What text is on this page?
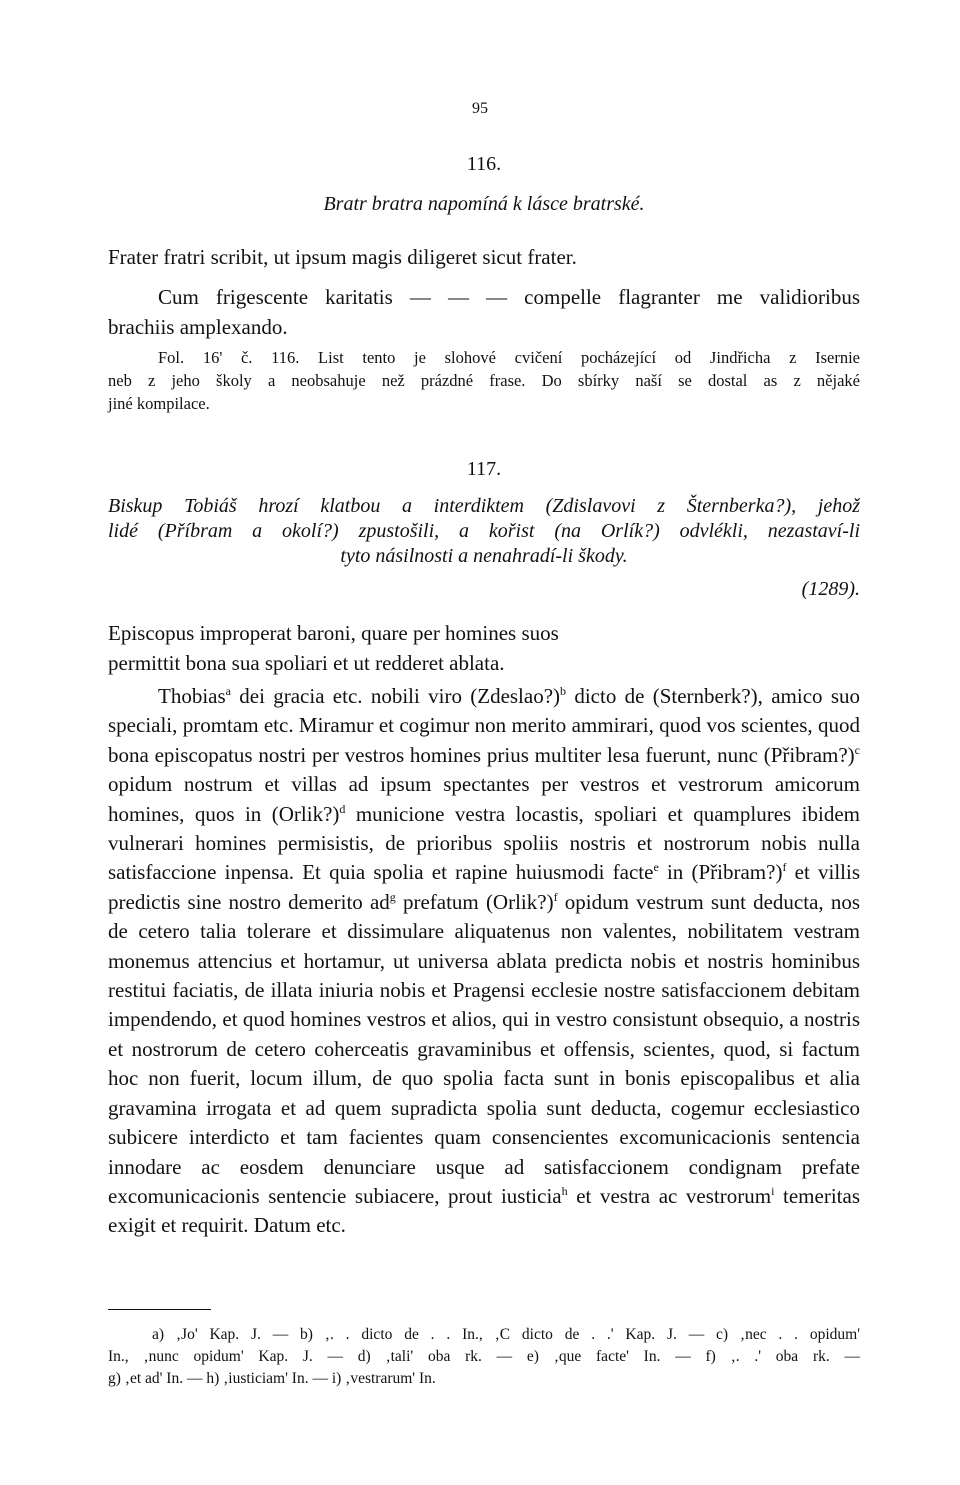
95
116.
Bratr bratra napomíná k lásce bratrské.
Frater fratri scribit, ut ipsum magis diligeret sicut frater.
Cum frigescente karitatis — — — compelle flagranter me validioribus
brachiis amplexando.
Fol. 16' č. 116. List tento je slohové cvičení pocházející od Jindřicha z Isernie
neb z jeho školy a neobsahuje než prázdné frase. Do sbírky naší se dostal as z nějaké
jiné kompilace.
117.
Biskup Tobiáš hrozí klatbou a interdiktem (Zdislavovi z Šternberka?), jehož
lidé (Příbram a okolí?) zpustošili, a kořist (na Orlík?) odvlékli, nezastaví-li
tyto násilnosti a nenahradí-li škody.
(1289).
Episcopus improperat baroni, quare per homines suos
permittit bona sua spoliari et ut redderet ablata.
Thobias$^a$ dei gracia etc. nobili viro (Zdeslao?)$^b$ dicto de (Sternberk?), amico suo speciali, promtam etc. Miramur et cogimur non merito ammirari, quod vos scientes, quod bona episcopatus nostri per vestros homines prius multiter lesa fuerunt, nunc (Přibram?)$^c$ opidum nostrum et villas ad ipsum spectantes per vestros et vestrorum amicorum homines, quos in (Orlik?)$^d$ municione vestra locastis, spoliari et quamplures ibidem vulnerari homines permisistis, de prioribus spoliis nostris et nostrorum nobis nulla satisfaccione inpensa. Et quia spolia et rapine huiusmodi facte$^e$ in (Přibram?)$^f$ et villis predictis sine nostro demerito $ad^g$ prefatum (Orlik?)$^f$ opidum vestrum sunt deducta, nos de cetero talia tolerare et dissimulare aliquatenus non valentes, nobilitatem vestram monemus attencius et hortamur, ut universa ablata predicta nobis et nostris hominibus restitui faciatis, de illata iniuria nobis et Pragensi ecclesie nostre satisfaccionem debitam impendendo, et quod homines vestros et alios, qui in vestro consistunt obsequio, a nostris et nostrorum de cetero coherceatis gravaminibus et offensis, scientes, quod, si factum hoc non fuerit, locum illum, de quo spolia facta sunt in bonis episcopalibus et alia gravamina irrogata et ad quem supradicta spolia sunt deducta, cogemur ecclesiastico subicere interdicto et tam facientes quam consencientes excomunicacionis sentencia innodare ac eosdem denunciare usque ad satisfaccionem condignam prefate excomunicacionis sentencie subiacere, prout iusticia$^h$ et vestra ac vestrorum$^i$ temeritas exigit et requirit. Datum etc.
a) ‚Jo' Kap. J. — b) ‚. . dicto de . . In., ‚C dicto de . .' Kap. J. — c) ‚nec . . opidum'
In., ‚nunc opidum' Kap. J. — d) ‚tali' oba rk. — e) ‚que facte' In. — f) ‚. .' oba rk. —
g) ‚et ad' In. — h) ‚iusticiam' In. — i) ‚vestrarum' In.
